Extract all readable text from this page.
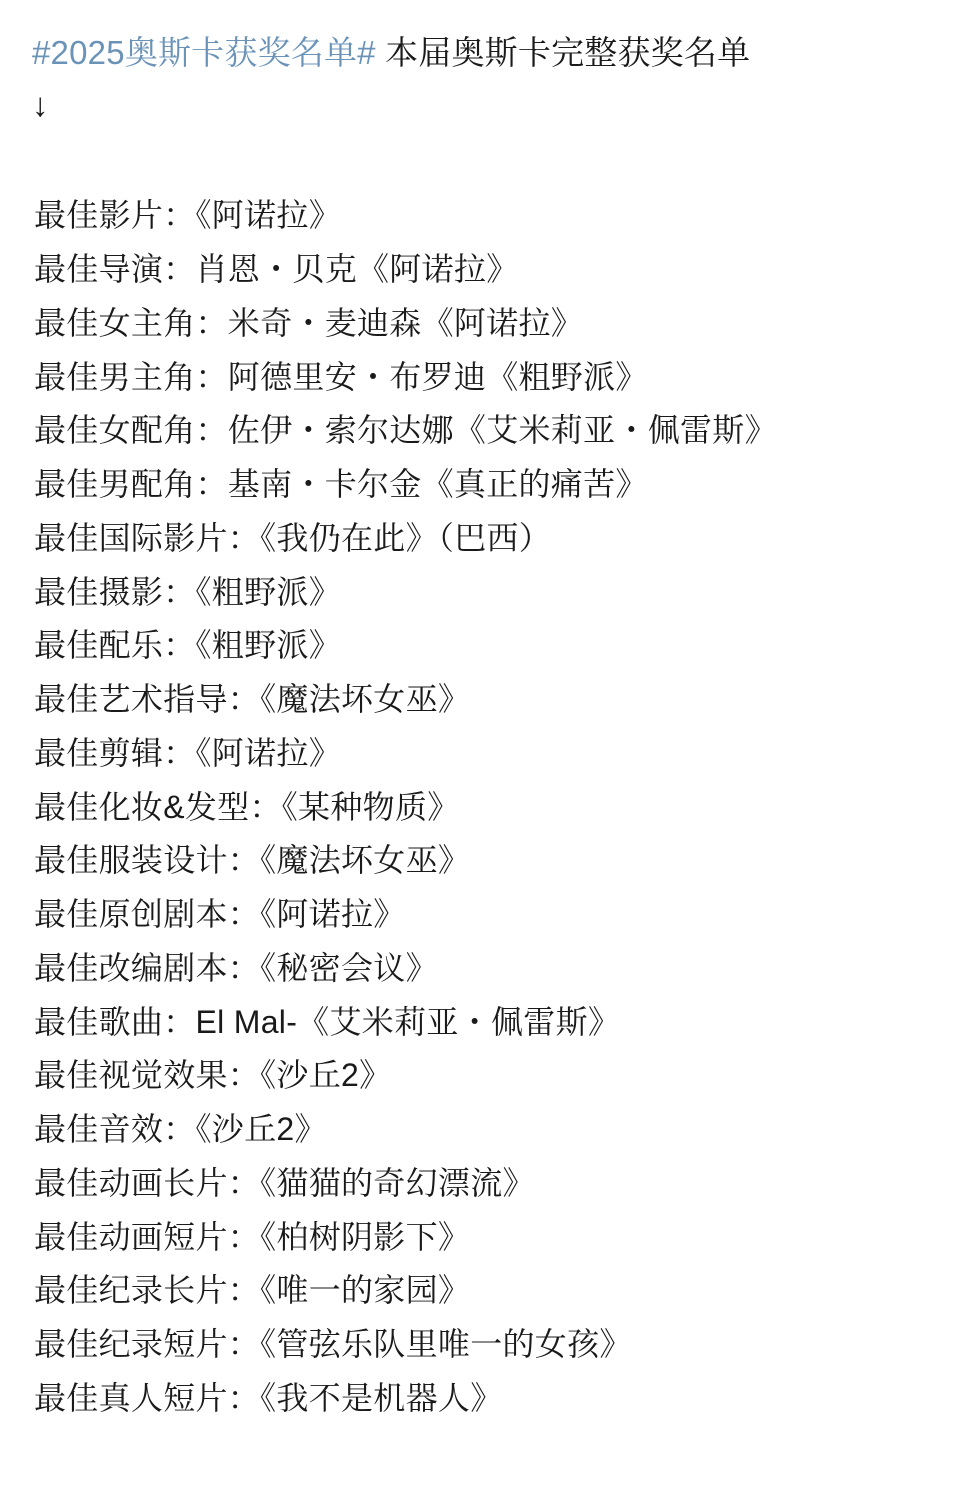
#2025奥斯卡获奖名单# 本届奥斯卡完整获奖名单
↓
最佳影片：《阿诺拉》
最佳导演：肖恩・贝克《阿诺拉》
最佳女主角：米奇・麦迪森《阿诺拉》
最佳男主角：阿德里安・布罗迪《粗野派》
最佳女配角：佐伊・索尔达娜《艾米莉亚・佩雷斯》
最佳男配角：基南・卡尔金《真正的痛苦》
最佳国际影片：《我仍在此》（巴西）
最佳摄影：《粗野派》
最佳配乐：《粗野派》
最佳艺术指导：《魔法坏女巫》
最佳剪辑：《阿诺拉》
最佳化妆&发型：《某种物质》
最佳服装设计：《魔法坏女巫》
最佳原创剧本：《阿诺拉》
最佳改编剧本：《秘密会议》
最佳歌曲：El Mal-《艾米莉亚・佩雷斯》
最佳视觉效果：《沙丘2》
最佳音效：《沙丘2》
最佳动画长片：《猫猫的奇幻漂流》
最佳动画短片：《柏树阴影下》
最佳纪录长片：《唯一的家园》
最佳纪录短片：《管弦乐队里唯一的女孩》
最佳真人短片：《我不是机器人》
